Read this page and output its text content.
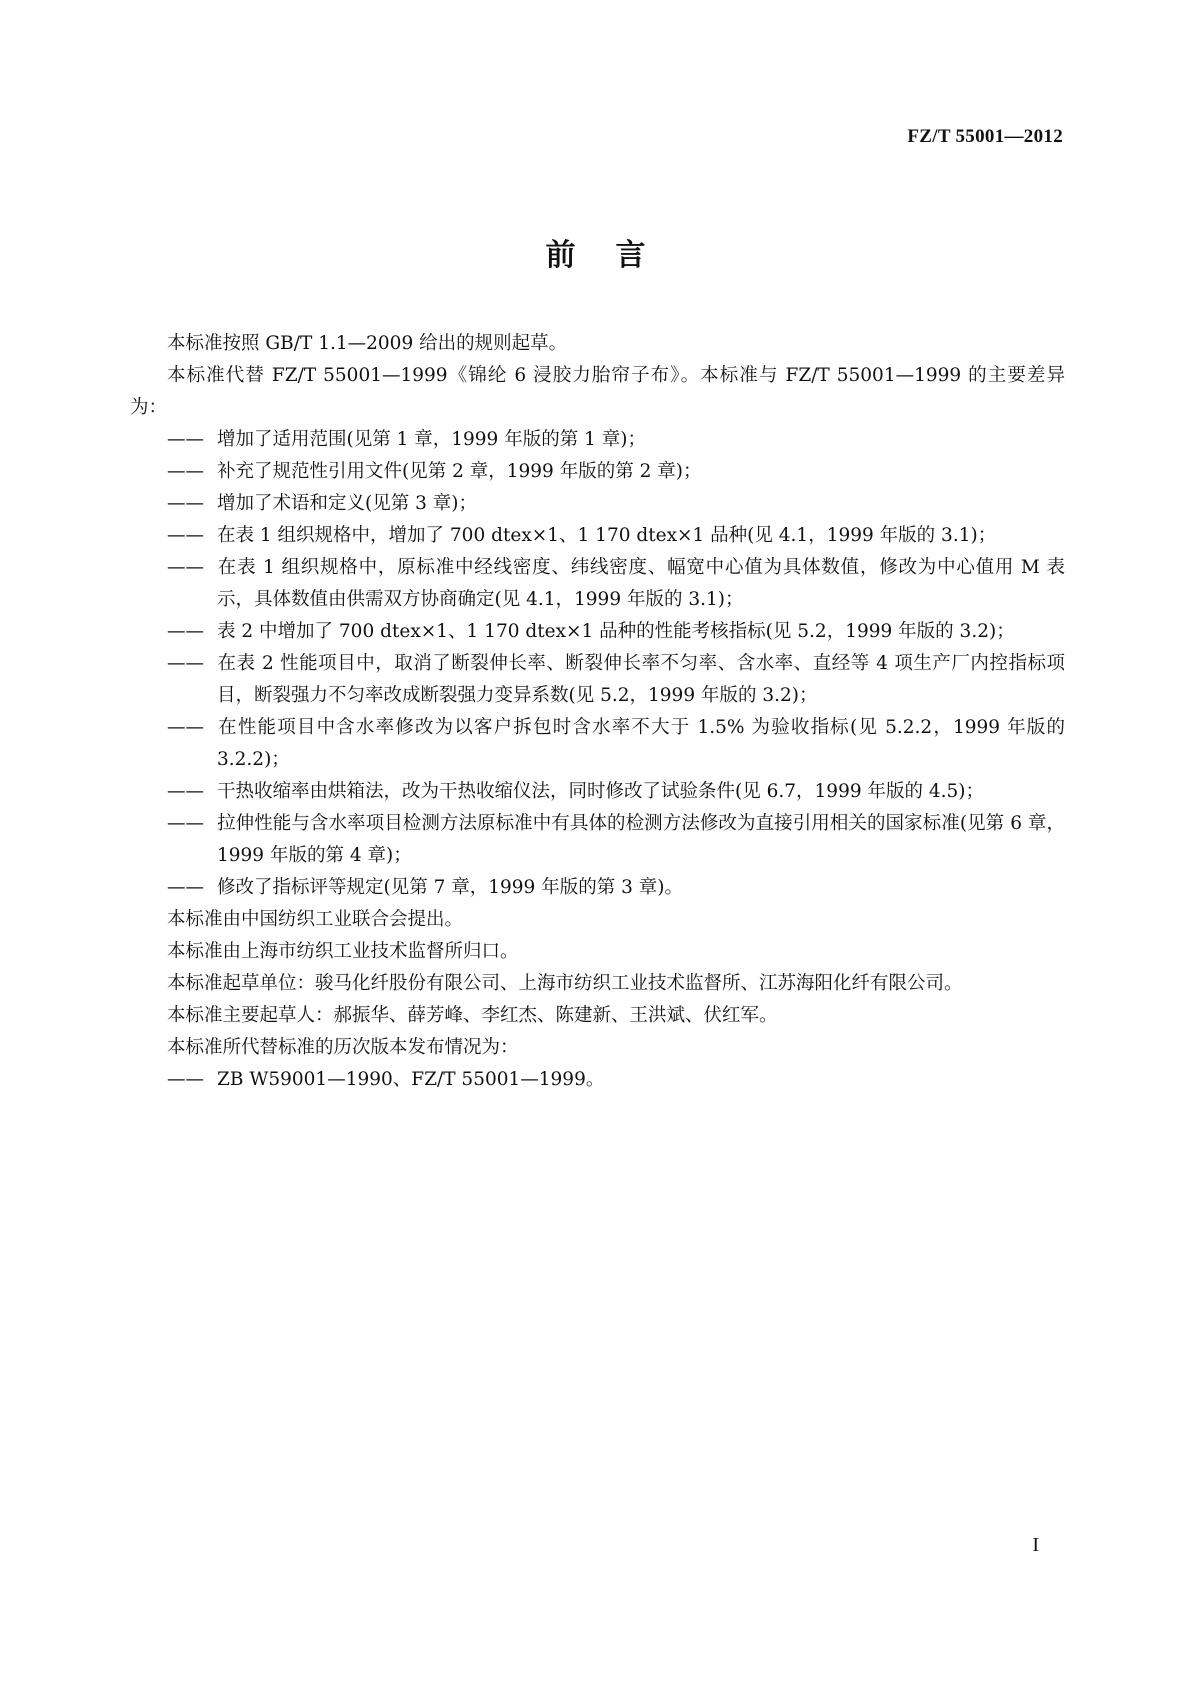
FZ/T 55001—2012
前言

本标准按照 GB/T 1.1—2009 给出的规则起草。

本标准代替 FZ/T 55001—1999《锦纶 6 浸胶力胎帘子布》。本标准与 FZ/T 55001—1999 的主要差异为：

—— 增加了适用范围(见第 1 章，1999 年版的第 1 章)；
—— 补充了规范性引用文件(见第 2 章，1999 年版的第 2 章)；
—— 增加了术语和定义(见第 3 章)；
—— 在表 1 组织规格中，增加了 700 dtex×1、1 170 dtex×1 品种(见 4.1，1999 年版的 3.1)；
—— 在表 1 组织规格中，原标准中经线密度、纬线密度、幅宽中心值为具体数值，修改为中心值用 M 表示，具体数值由供需双方协商确定(见 4.1，1999 年版的 3.1)；
—— 表 2 中增加了 700 dtex×1、1 170 dtex×1 品种的性能考核指标(见 5.2，1999 年版的 3.2)；
—— 在表 2 性能项目中，取消了断裂伸长率、断裂伸长率不匀率、含水率、直经等 4 项生产厂内控指标项目，断裂强力不匀率改成断裂强力变异系数(见 5.2，1999 年版的 3.2)；
—— 在性能项目中含水率修改为以客户拆包时含水率不大于 1.5% 为验收指标(见 5.2.2，1999 年版的 3.2.2)；
—— 干热收缩率由烘箱法，改为干热收缩仪法，同时修改了试验条件(见 6.7，1999 年版的 4.5)；
—— 拉伸性能与含水率项目检测方法原标准中有具体的检测方法修改为直接引用相关的国家标准(见第 6 章，1999 年版的第 4 章)；
—— 修改了指标评等规定(见第 7 章，1999 年版的第 3 章)。

本标准由中国纺织工业联合会提出。

本标准由上海市纺织工业技术监督所归口。

本标准起草单位：骏马化纤股份有限公司、上海市纺织工业技术监督所、江苏海阳化纤有限公司。

本标准主要起草人：郝振华、薛芳峰、李红杰、陈建新、王洪斌、伏红军。

本标准所代替标准的历次版本发布情况为：

—— ZB W59001—1990、FZ/T 55001—1999。
I
